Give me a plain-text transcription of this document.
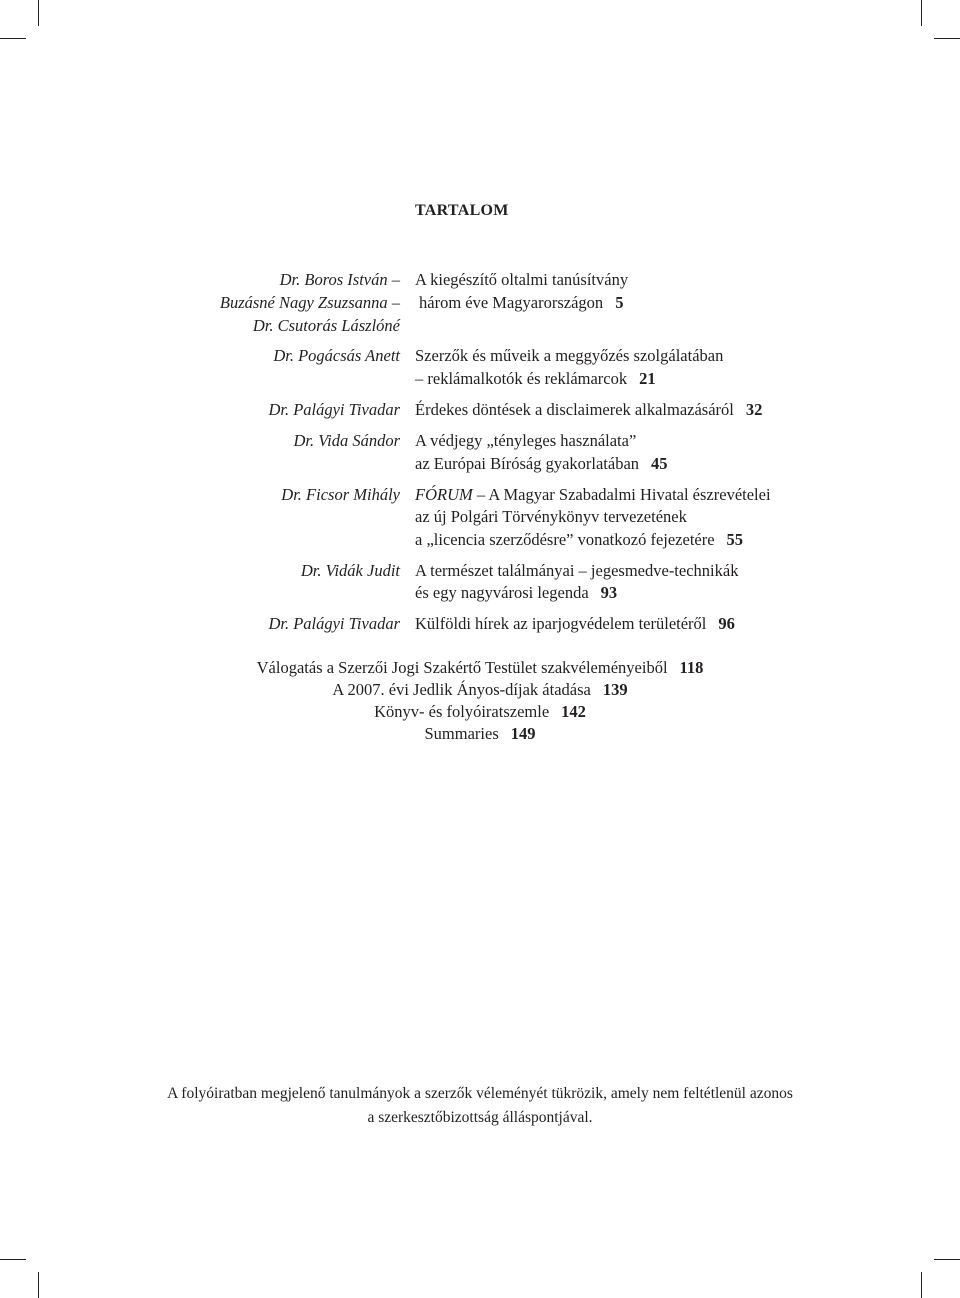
TARTALOM
Dr. Boros István –
Buzásné Nagy Zsuzsanna –
Dr. Csutorás Lászlóné
A kiegészítő oltalmi tanúsítvány
három éve Magyarországon 5
Dr. Pogácsás Anett Szerzők és műveik a meggyőzés szolgálatában
– reklámalkotók és reklámarcok 21
Dr. Palágyi Tivadar Érdekes döntések a disclaimerek alkalmazásáról 32
Dr. Vida Sándor A védjegy „tényleges használata”
az Európai Bíróság gyakorlatában 45
Dr. Ficsor Mihály FÓRUM – A Magyar Szabadalmi Hivatal észrevételei
az új Polgári Törvénykönyv tervezetének
a „licencia szerződésre” vonatkozó fejezetére 55
Dr. Vidák Judit A természet találmányai – jegesmedve-technikák
és egy nagyvárosi legenda 93
Dr. Palágyi Tivadar Külföldi hírek az iparjogvédelem területéről 96
Válogatás a Szerzői Jogi Szakértő Testület szakvéleményeiből 118
A 2007. évi Jedlik Ányos-díjak átadása 139
Könyv- és folyóiratszemle 142
Summaries 149
A folyóiratban megjelenő tanulmányok a szerzők véleményét tükrözik, amely nem feltétlenül azonos
a szerkesztőbizottság álláspontjával.
